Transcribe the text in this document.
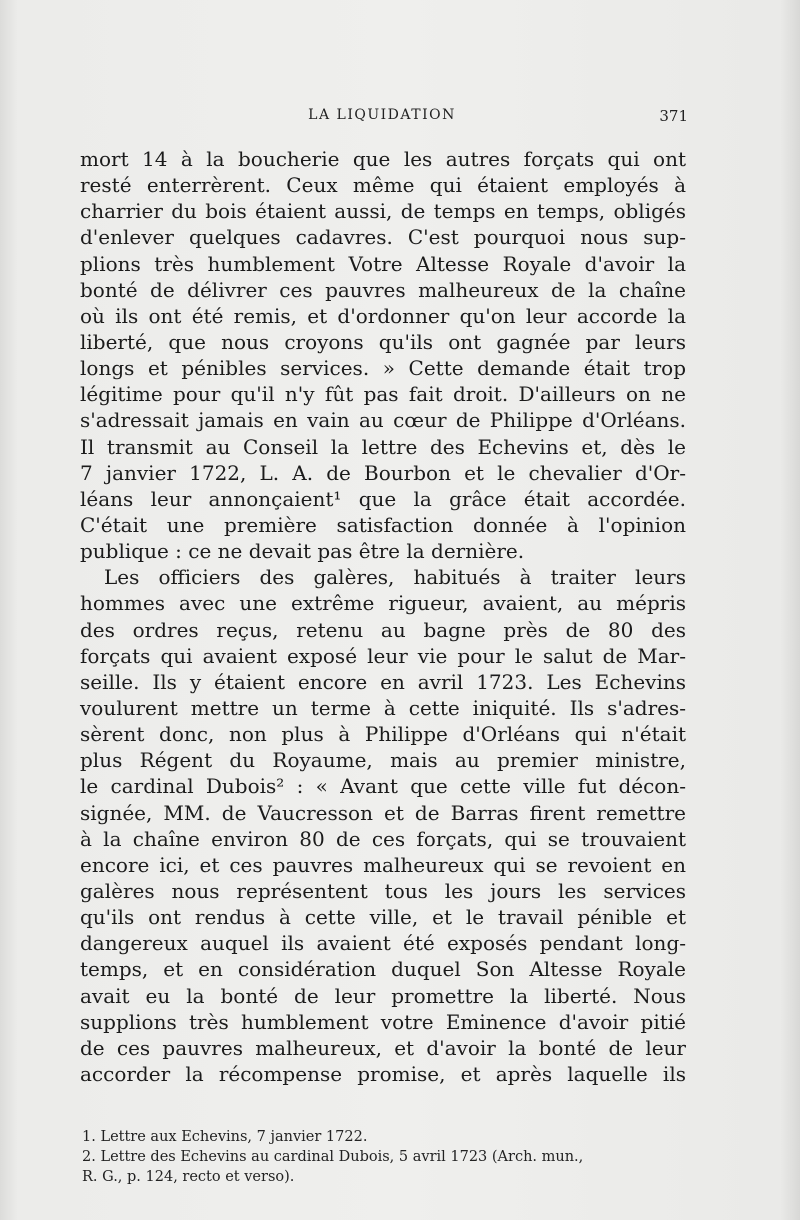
LA LIQUIDATION	371
mort 14 à la boucherie que les autres forçats qui ont
resté enterrèrent. Ceux même qui étaient employés à
charrier du bois étaient aussi, de temps en temps, obligés
d'enlever quelques cadavres. C'est pourquoi nous sup-
plions très humblement Votre Altesse Royale d'avoir la
bonté de délivrer ces pauvres malheureux de la chaîne
où ils ont été remis, et d'ordonner qu'on leur accorde la
liberté, que nous croyons qu'ils ont gagnée par leurs
longs et pénibles services. » Cette demande était trop
légitime pour qu'il n'y fût pas fait droit. D'ailleurs on ne
s'adressait jamais en vain au cœur de Philippe d'Orléans.
Il transmit au Conseil la lettre des Echevins et, dès le
7 janvier 1722, L. A. de Bourbon et le chevalier d'Or-
léans leur annonçaient¹ que la grâce était accordée.
C'était une première satisfaction donnée à l'opinion
publique : ce ne devait pas être la dernière.
Les officiers des galères, habitués à traiter leurs
hommes avec une extrême rigueur, avaient, au mépris
des ordres reçus, retenu au bagne près de 80 des
forçats qui avaient exposé leur vie pour le salut de Mar-
seille. Ils y étaient encore en avril 1723. Les Echevins
voulurent mettre un terme à cette iniquité. Ils s'adres-
sèrent donc, non plus à Philippe d'Orléans qui n'était
plus Régent du Royaume, mais au premier ministre,
le cardinal Dubois² : « Avant que cette ville fut décon-
signée, MM. de Vaucresson et de Barras firent remettre
à la chaîne environ 80 de ces forçats, qui se trouvaient
encore ici, et ces pauvres malheureux qui se revoient en
galères nous représentent tous les jours les services
qu'ils ont rendus à cette ville, et le travail pénible et
dangereux auquel ils avaient été exposés pendant long-
temps, et en considération duquel Son Altesse Royale
avait eu la bonté de leur promettre la liberté. Nous
supplions très humblement votre Eminence d'avoir pitié
de ces pauvres malheureux, et d'avoir la bonté de leur
accorder la récompense promise, et après laquelle ils
1. Lettre aux Echevins, 7 janvier 1722.
2. Lettre des Echevins au cardinal Dubois, 5 avril 1723 (Arch. mun.,
R. G., p. 124, recto et verso).
